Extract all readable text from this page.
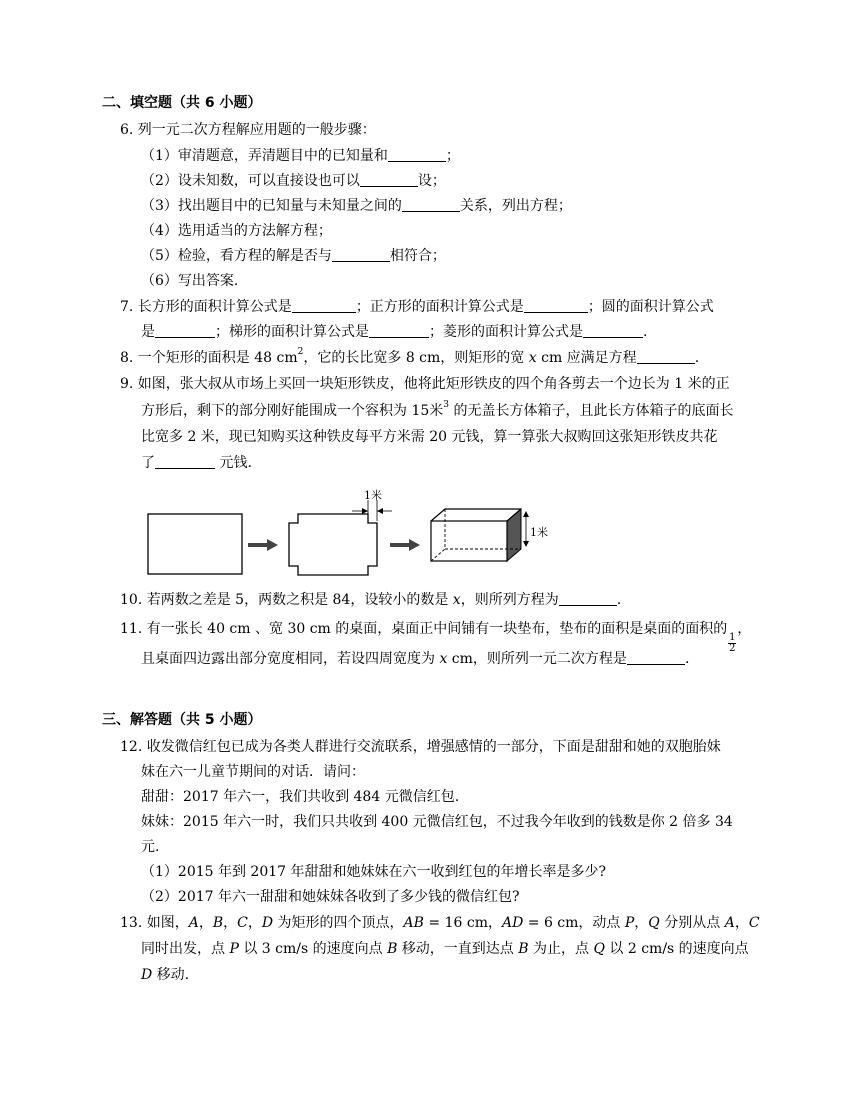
二、填空题（共 6 小题）
6. 列一元二次方程解应用题的一般步骤：
（1）审清题意，弄清题目中的已知量和	；
（2）设未知数，可以直接设也可以	设；
（3）找出题目中的已知量与未知量之间的	关系，列出方程；
（4）选用适当的方法解方程；
（5）检验，看方程的解是否与	相符合；
（6）写出答案.
7. 长方形的面积计算公式是	；正方形的面积计算公式是	；圆的面积计算公式
是	；梯形的面积计算公式是	；菱形的面积计算公式是	.
8. 一个矩形的面积是 48 $cm^2$，它的长比宽多 8 cm，则矩形的宽 x cm 应满足方程	.
9. 如图，张大叔从市场上买回一块矩形铁皮，他将此矩形铁皮的四个角各剪去一个边长为 1 米的正
方形后，剩下的部分刚好能围成一个容积为 15米$^3$ 的无盖长方体箱子，且此长方体箱子的底面长
比宽多 2 米，现已知购买这种铁皮每平方米需 20 元钱，算一算张大叔购回这张矩形铁皮共花
了	元钱.
1米
1米
10. 若两数之差是 5，两数之积是 84，设较小的数是 x，则所列方程为	.
11. 有一张长 40 cm 、宽 30 cm 的桌面，桌面正中间铺有一块垫布，垫布的面积是桌面的面积的
$\frac{1}{2}$
，
且桌面四边露出部分宽度相同，若设四周宽度为 x cm，则所列一元二次方程是	.
三、解答题（共 5 小题）
12. 收发微信红包已成为各类人群进行交流联系，增强感情的一部分，下面是甜甜和她的双胞胎妹
妹在六一儿童节期间的对话．请问：
甜甜：2017 年六一，我们共收到 484 元微信红包.
妹妹：2015 年六一时，我们只共收到 400 元微信红包，不过我今年收到的钱数是你 2 倍多 34
元.
（1）2015 年到 2017 年甜甜和她妹妹在六一收到红包的年增长率是多少?
（2）2017 年六一甜甜和她妹妹各收到了多少钱的微信红包?
13. 如图，A，B，C，D 为矩形的四个顶点，AB = 16 cm，AD = 6 cm，动点 P，Q 分别从点 A，C
同时出发，点 P 以 3 cm/s 的速度向点 B 移动，一直到达点 B 为止，点 Q 以 2 cm/s 的速度向点
D 移动.
